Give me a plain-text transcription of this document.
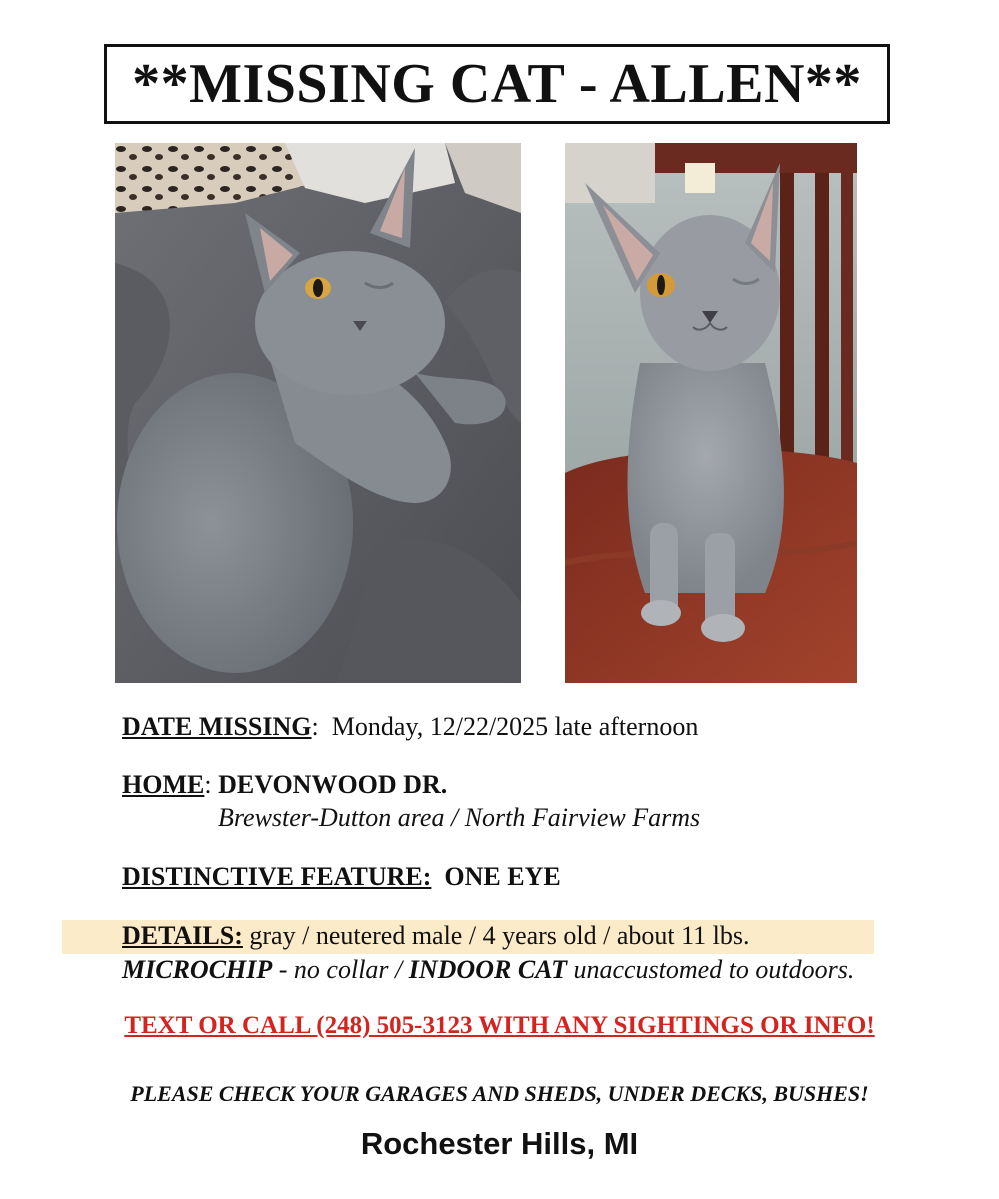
**MISSING CAT - ALLEN**
DATE MISSING: Monday, 12/22/2025 late afternoon
HOME: DEVONWOOD DR.
Brewster-Dutton area / North Fairview Farms
DISTINCTIVE FEATURE: ONE EYE
DETAILS: gray / neutered male / 4 years old / about 11 lbs.
MICROCHIP - no collar / INDOOR CAT unaccustomed to outdoors.
TEXT OR CALL (248) 505-3123 WITH ANY SIGHTINGS OR INFO!
PLEASE CHECK YOUR GARAGES AND SHEDS, UNDER DECKS, BUSHES!
Rochester Hills, MI
